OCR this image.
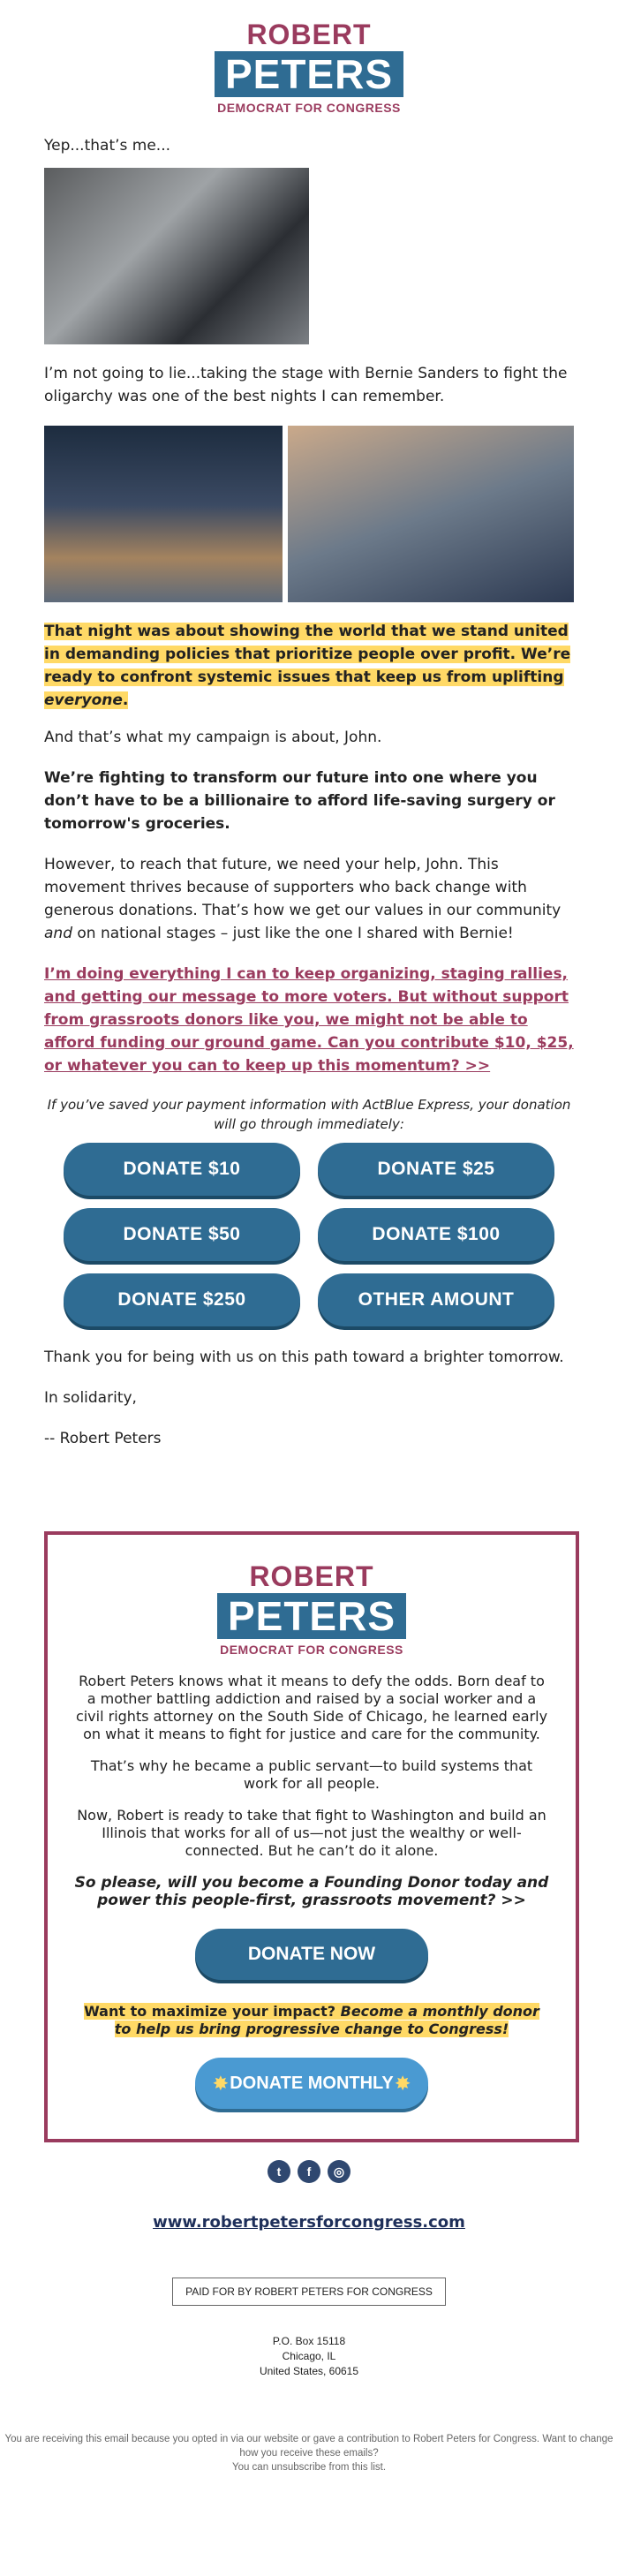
ROBERT
PETERS
DEMOCRAT FOR CONGRESS

Yep...that’s me...

I’m not going to lie...taking the stage with Bernie Sanders to fight the oligarchy was one of the best nights I can remember.

That night was about showing the world that we stand united in demanding policies that prioritize people over profit. We’re ready to confront systemic issues that keep us from uplifting everyone.

And that’s what my campaign is about, John.

We’re fighting to transform our future into one where you don’t have to be a billionaire to afford life-saving surgery or tomorrow's groceries.

However, to reach that future, we need your help, John. This movement thrives because of supporters who back change with generous donations. That’s how we get our values in our community and on national stages – just like the one I shared with Bernie!

I’m doing everything I can to keep organizing, staging rallies, and getting our message to more voters. But without support from grassroots donors like you, we might not be able to afford funding our ground game. Can you contribute $10, $25, or whatever you can to keep up this momentum? >>

If you’ve saved your payment information with ActBlue Express, your donation will go through immediately:

DONATE $10	DONATE $25
DONATE $50	DONATE $100
DONATE $250	OTHER AMOUNT

Thank you for being with us on this path toward a brighter tomorrow.

In solidarity,

-- Robert Peters

ROBERT
PETERS
DEMOCRAT FOR CONGRESS

Robert Peters knows what it means to defy the odds. Born deaf to a mother battling addiction and raised by a social worker and a civil rights attorney on the South Side of Chicago, he learned early on what it means to fight for justice and care for the community.

That’s why he became a public servant—to build systems that work for all people.

Now, Robert is ready to take that fight to Washington and build an Illinois that works for all of us—not just the wealthy or well-connected. But he can’t do it alone.

So please, will you become a Founding Donor today and power this people-first, grassroots movement? >>

DONATE NOW

Want to maximize your impact? Become a monthly donor to help us bring progressive change to Congress!

✸ DONATE MONTHLY ✸
t	f	◎
www.robertpetersforcongress.com
PAID FOR BY ROBERT PETERS FOR CONGRESS
P.O. Box 15118
Chicago, IL
United States, 60615
You are receiving this email because you opted in via our website or gave a contribution to Robert Peters for Congress. Want to change how you receive these emails?
You can unsubscribe from this list.
